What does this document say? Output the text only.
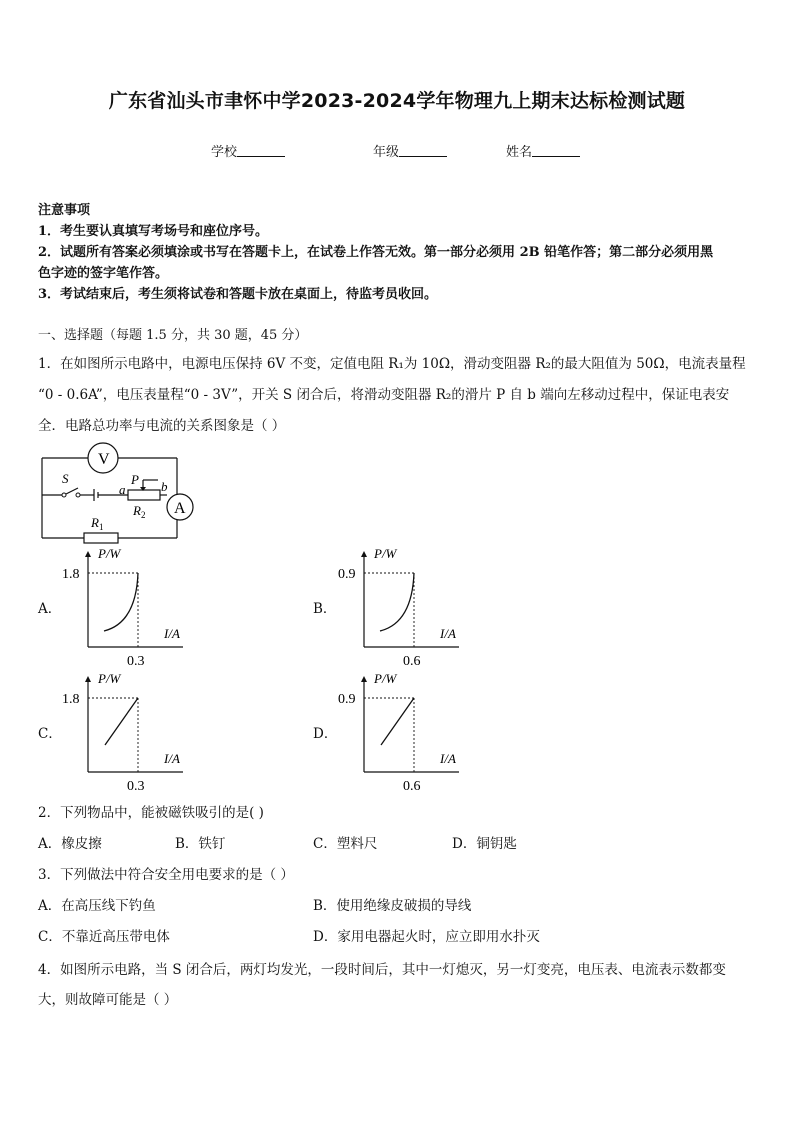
广东省汕头市聿怀中学2023-2024学年物理九上期末达标检测试题
学校	年级	姓名
注意事项
1．考生要认真填写考场号和座位序号。
2．试题所有答案必须填涂或书写在答题卡上，在试卷上作答无效。第一部分必须用 2B 铅笔作答；第二部分必须用黑
色字迹的签字笔作答。
3．考试结束后，考生须将试卷和答题卡放在桌面上，待监考员收回。
一、选择题（每题 1.5 分，共 30 题，45 分）
1．在如图所示电路中，电源电压保持 6V 不变，定值电阻 R₁为 10Ω，滑动变阻器 R₂的最大阻值为 50Ω，电流表量程
“0 - 0.6A”，电压表量程“0 - 3V”，开关 S 闭合后，将滑动变阻器 R₂的滑片 P 自 b 端向左移动过程中，保证电表安
全．电路总功率与电流的关系图象是（ ）
V
A
S
a
P b
$R_2$
$R_1$
A．	B．
C．	D．
P/W
I/A
1.8
0.3
P/W
I/A
0.9
0.6
P/W
I/A
1.8
0.3
P/W
I/A
0.9
0.6
2．下列物品中，能被磁铁吸引的是( )
A．橡皮擦	B．铁钉	C．塑料尺	D．铜钥匙
3．下列做法中符合安全用电要求的是（ ）
A．在高压线下钓鱼	B．使用绝缘皮破损的导线
C．不靠近高压带电体	D．家用电器起火时，应立即用水扑灭
4．如图所示电路，当 S 闭合后，两灯均发光，一段时间后，其中一灯熄灭，另一灯变亮，电压表、电流表示数都变
大，则故障可能是（ ）
